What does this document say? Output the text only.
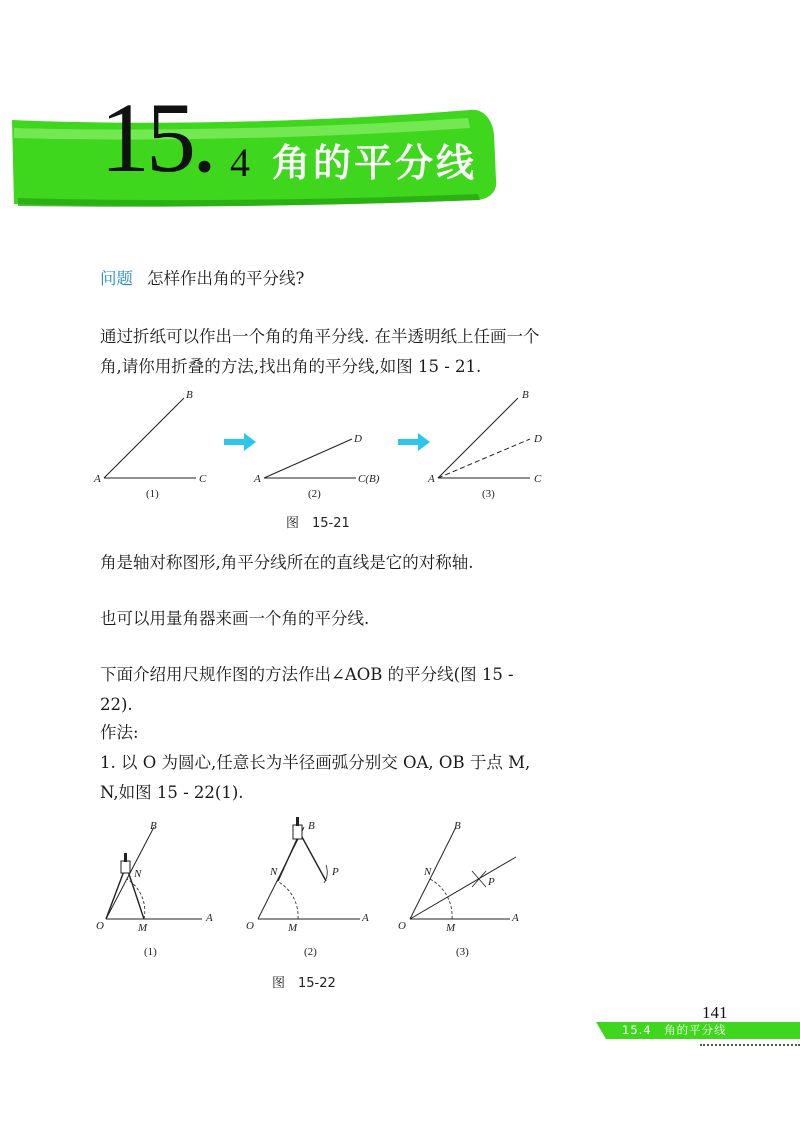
15. 4 角的平分线

问题 怎样作出角的平分线?

通过折纸可以作出一个角的角平分线. 在半透明纸上任画一个角,请你用折叠的方法,找出角的平分线,如图 15 - 21.

A
B
C
(1)
A
D
C(B)
(2)
A
B
D
C
(3)
图　15-21

角是轴对称图形,角平分线所在的直线是它的对称轴.

也可以用量角器来画一个角的平分线.

下面介绍用尺规作图的方法作出∠AOB 的平分线(图 15 - 22).

作法:

1. 以 O 为圆心,任意长为半径画弧分别交 OA, OB 于点 M, N,如图 15 - 22(1).

O
A
B
M
N
(1)
O
A
B
M
N	P
(2)
O
A
B
M
N
P
(3)
图　15-22
141
15.4　角的平分线
